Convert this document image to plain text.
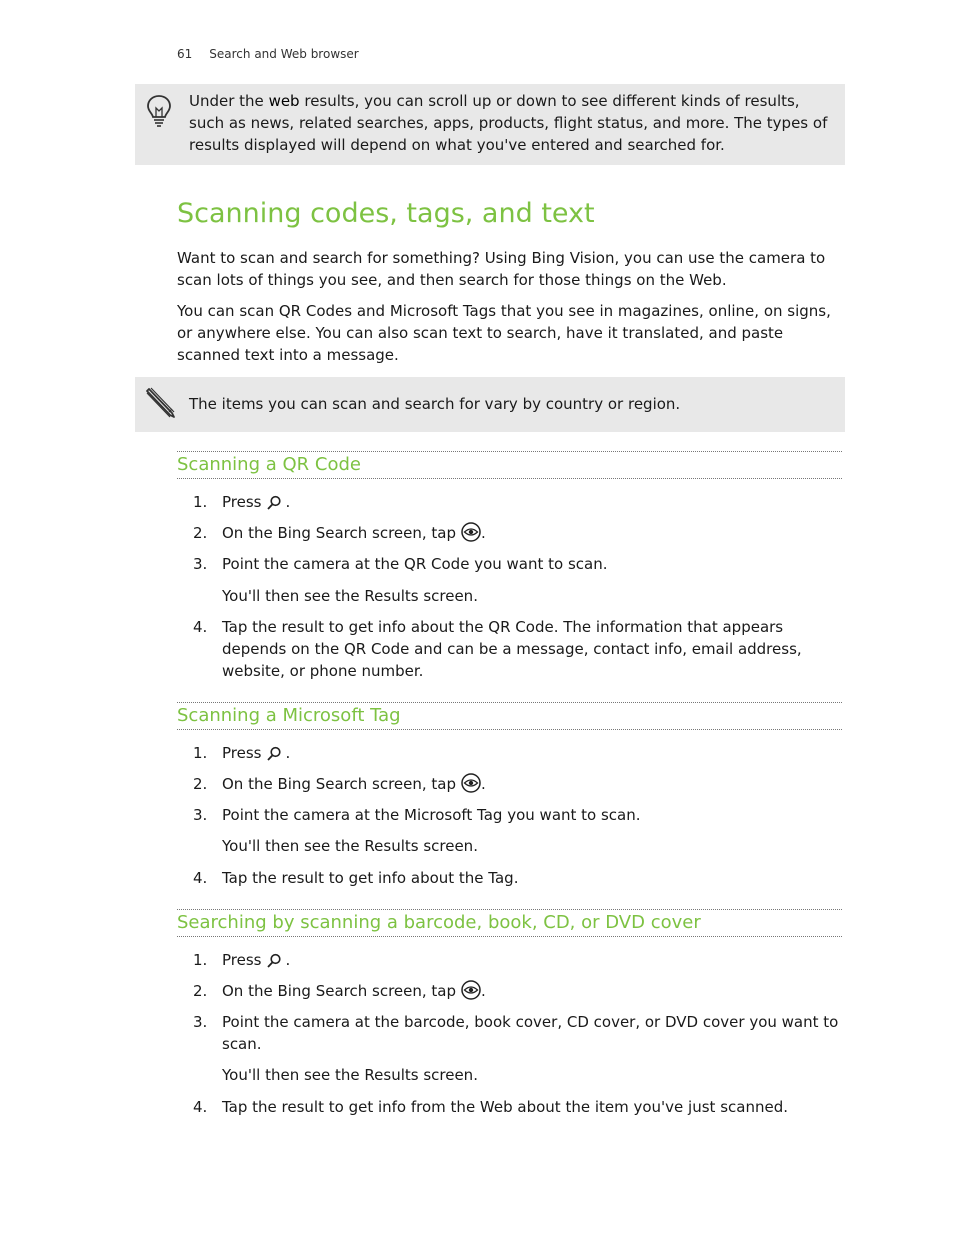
61 Search and Web browser
Under the web results, you can scroll up or down to see different kinds of results, such as news, related searches, apps, products, flight status, and more. The types of results displayed will depend on what you've entered and searched for.
Scanning codes, tags, and text

Want to scan and search for something? Using Bing Vision, you can use the camera to scan lots of things you see, and then search for those things on the Web.

You can scan QR Codes and Microsoft Tags that you see in magazines, online, on signs, or anywhere else. You can also scan text to search, have it translated, and paste scanned text into a message.

The items you can scan and search for vary by country or region.
Scanning a QR Code
1. Press .
2. On the Bing Search screen, tap .
3. Point the camera at the QR Code you want to scan.
You'll then see the Results screen.
4. Tap the result to get info about the QR Code. The information that appears depends on the QR Code and can be a message, contact info, email address, website, or phone number.
Scanning a Microsoft Tag
1. Press .
2. On the Bing Search screen, tap .
3. Point the camera at the Microsoft Tag you want to scan.
You'll then see the Results screen.
4. Tap the result to get info about the Tag.
Searching by scanning a barcode, book, CD, or DVD cover
1. Press .
2. On the Bing Search screen, tap .
3. Point the camera at the barcode, book cover, CD cover, or DVD cover you want to scan.
You'll then see the Results screen.
4. Tap the result to get info from the Web about the item you've just scanned.
